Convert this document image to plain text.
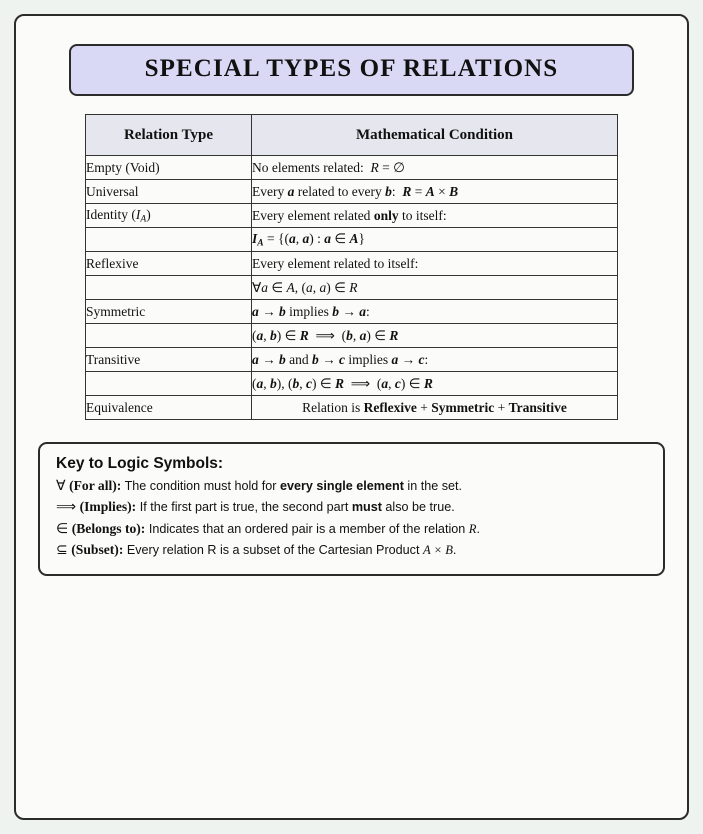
SPECIAL TYPES OF RELATIONS
Relation Type	Mathematical Condition
Empty (Void)	No elements related:  R = ∅
Universal	Every a related to every b:  R = A × B
Identity $(I_A)$	Every element related only to itself:
	$I_A = \{(a$, a) : a ∈ A}
Reflexive	Every element related to itself:
	∀a ∈ A, (a, a) ∈ R
Symmetric	a → b implies b → a:
	(a, b) ∈ R  ⟹  (b, a) ∈ R
Transitive	a → b and b → c implies a → c:
	(a, b), (b, c) ∈ R  ⟹  (a, c) ∈ R
Equivalence	Relation is Reflexive + Symmetric + Transitive
Key to Logic Symbols:
∀ (For all): The condition must hold for every single element in the set.
⟹ (Implies): If the first part is true, the second part must also be true.
∈ (Belongs to): Indicates that an ordered pair is a member of the relation R.
⊆ (Subset): Every relation R is a subset of the Cartesian Product A × B.
